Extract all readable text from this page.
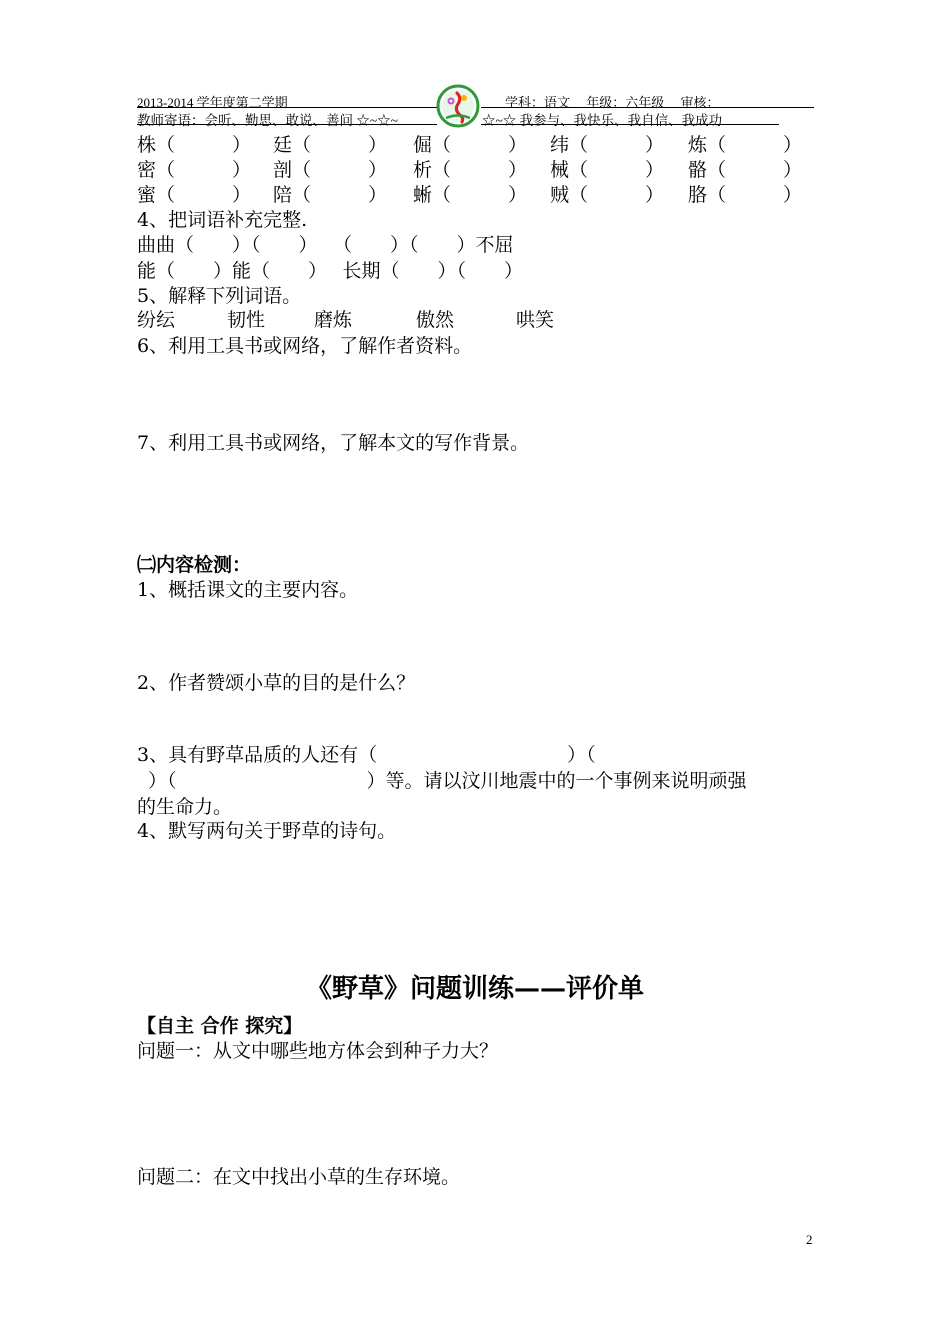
2013-2014 学年度第二学期	学科：语文　 年级：六年级　 审核：
教师寄语：会听、勤思、敢说、善问 ☆~☆~	☆~☆ 我参与、我快乐、我自信、我成功
株（　　　） 廷（　　　） 倔（　　　） 纬（　　　） 炼（　　　）
密（　　　） 剖（　　　） 析（　　　） 械（　　　） 骼（　　　）
蜜（　　　） 陪（　　　） 蜥（　　　） 贼（　　　） 胳（　　　）
4、把词语补充完整.
曲曲（　　）（　　）　 （　　）（　　）不屈
能（　　）能（　　）　 长期（　　）（　　）
5、解释下列词语。
纷纭	韧性	磨炼	傲然	哄笑
6、利用工具书或网络，了解作者资料。
7、利用工具书或网络，了解本文的写作背景。
㈡内容检测：
1、概括课文的主要内容。
2、作者赞颂小草的目的是什么？
3、具有野草品质的人还有（　　　　　　　　　　）（
）（　　　　　　　　　　）等。请以汶川地震中的一个事例来说明顽强
的生命力。
4、默写两句关于野草的诗句。
《野草》问题训练——评价单
【自主 合作 探究】
问题一：从文中哪些地方体会到种子力大？
问题二：在文中找出小草的生存环境。
2
